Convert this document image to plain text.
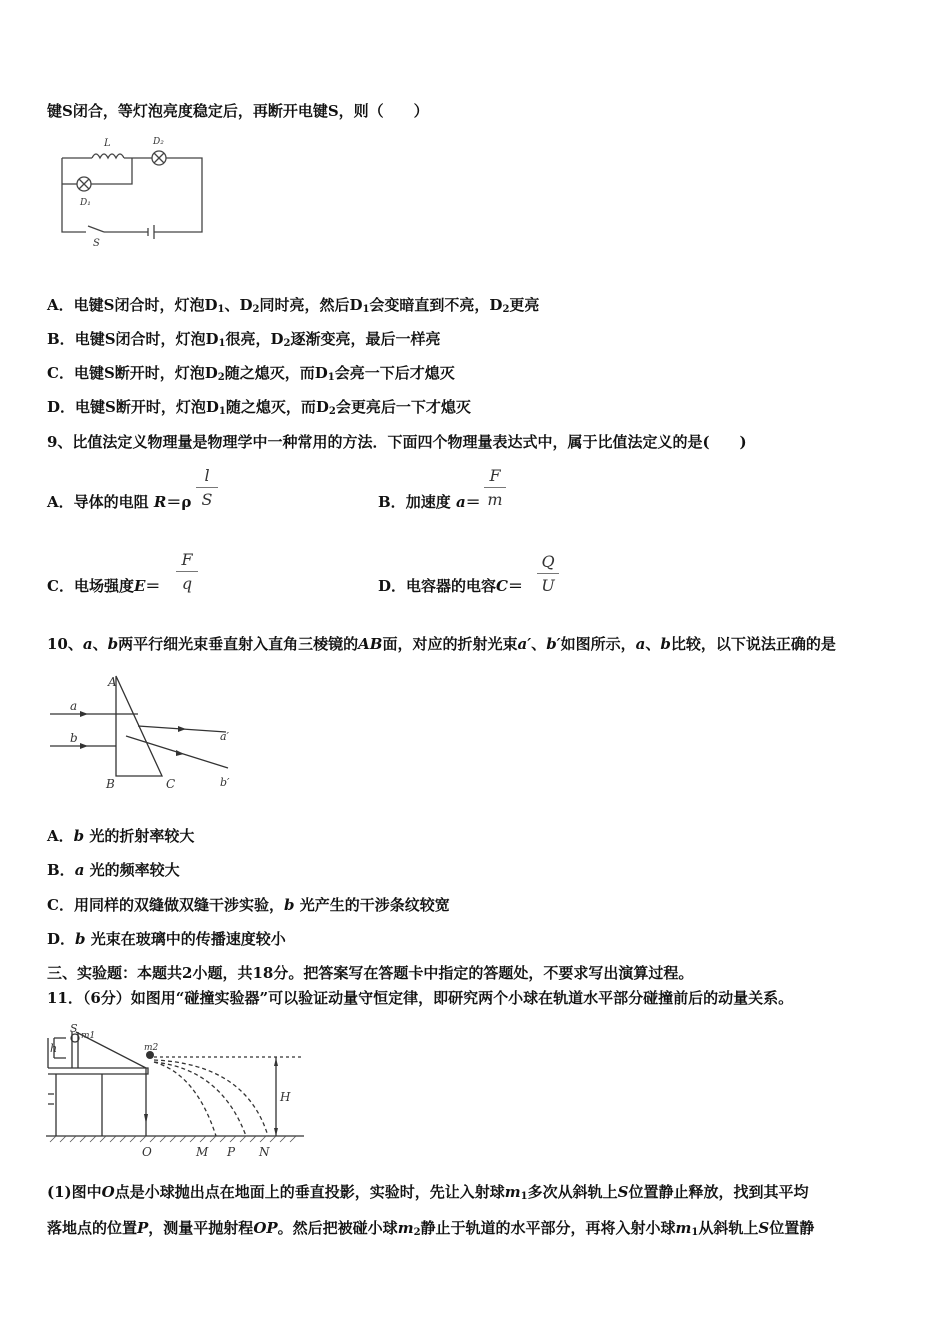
键S闭合，等灯泡亮度稳定后，再断开电键S，则（　　）
L	D₂
D₁
S
A．电键S闭合时，灯泡$D_1$、$D_2$同时亮，然后$D_1$会变暗直到不亮，$D_2$更亮
B．电键S闭合时，灯泡$D_1$很亮，$D_2$逐渐变亮，最后一样亮
C．电键S断开时，灯泡$D_2$随之熄灭，而$D_1$会亮一下后才熄灭
D．电键S断开时，灯泡$D_1$随之熄灭，而$D_2$会更亮后一下才熄灭
9、比值法定义物理量是物理学中一种常用的方法．下面四个物理量表达式中，属于比值法定义的是(　　)
A．导体的电阻 R＝ρ
l
S	B．加速度 a＝
F
m
C．电场强度E＝
F
q	D．电容器的电容C＝
Q
U
10、a、b两平行细光束垂直射入直角三棱镜的AB面，对应的折射光束a′、b′如图所示，a、b比较，以下说法正确的是
A
B	C
a
b	a′
b′
A．b 光的折射率较大
B．a 光的频率较大
C．用同样的双缝做双缝干涉实验，b 光产生的干涉条纹较宽
D．b 光束在玻璃中的传播速度较小
三、实验题：本题共2小题，共18分。把答案写在答题卡中指定的答题处，不要求写出演算过程。
11．（6分）如图用“碰撞实验器”可以验证动量守恒定律，即研究两个小球在轨道水平部分碰撞前后的动量关系。
S
m1
h	m2
H
O	M P N
(1)图中O点是小球抛出点在地面上的垂直投影，实验时，先让入射球$m_1$多次从斜轨上S位置静止释放，找到其平均
落地点的位置P，测量平抛射程OP。然后把被碰小球$m_2$静止于轨道的水平部分，再将入射小球$m_1$从斜轨上S位置静
